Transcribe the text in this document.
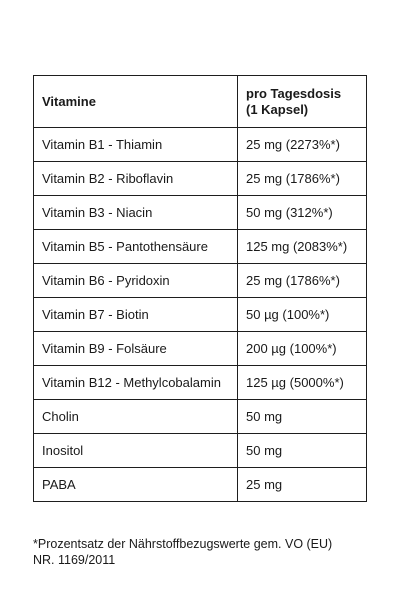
Vitamine	pro Tagesdosis
(1 Kapsel)

Vitamin B1 - Thiamin	25 mg (2273%*)
Vitamin B2 - Riboflavin	25 mg (1786%*)
Vitamin B3 - Niacin	50 mg (312%*)
Vitamin B5 - Pantothensäure	125 mg (2083%*)
Vitamin B6 - Pyridoxin	25 mg (1786%*)
Vitamin B7 - Biotin	50 µg (100%*)
Vitamin B9 - Folsäure	200 µg (100%*)
Vitamin B12 - Methylcobalamin	125 µg (5000%*)
Cholin	50 mg
Inositol	50 mg
PABA	25 mg
*Prozentsatz der Nährstoffbezugswerte gem. VO (EU)
NR. 1169/2011
